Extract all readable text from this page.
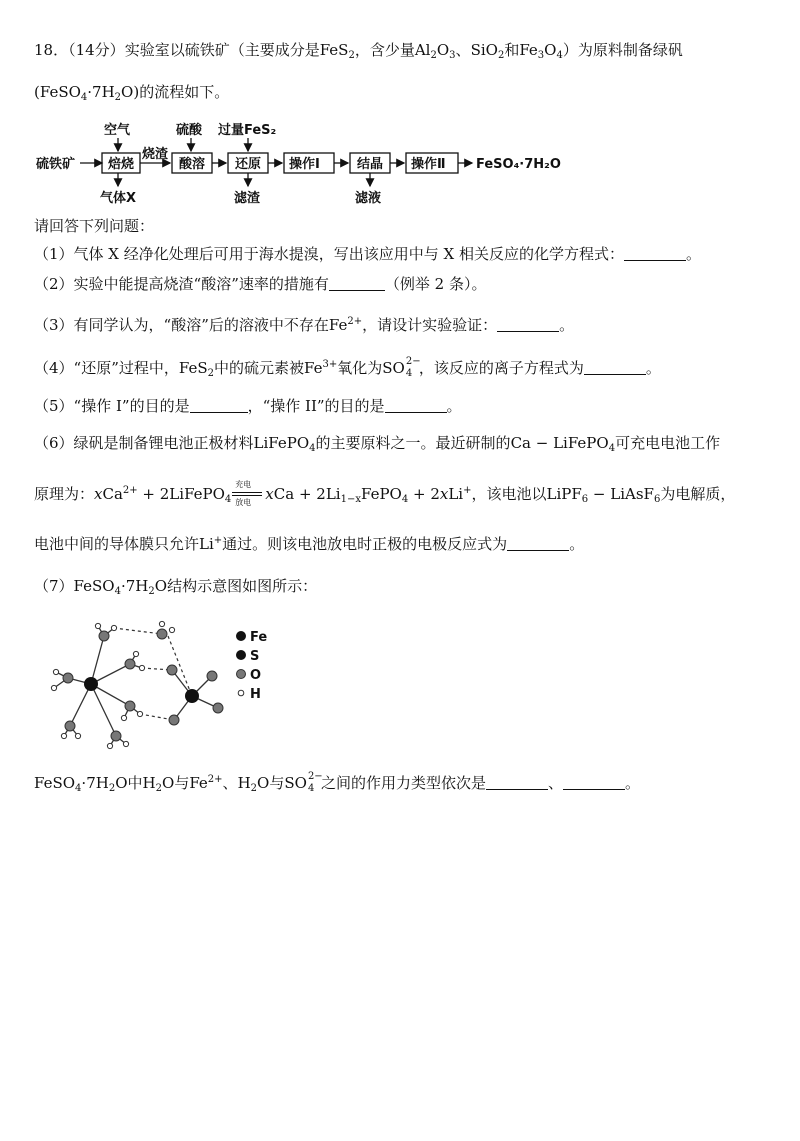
18．（14分）实验室以硫铁矿（主要成分是FeS$_2$，含少量$Al_2O_3$、SiO$_2$和$Fe_3O_4$）为原料制备绿矾
$(FeSO_4\cdot 7H_2O)$的流程如下。
硫铁矿
空气
焙烧
气体X
烧渣
硫酸
酸溶
过量FeS₂
还原
滤渣
操作Ⅰ	结晶
滤液
操作Ⅱ FeSO₄·7H₂O
请回答下列问题：
（1）气体 X 经净化处理后可用于海水提溴，写出该应用中与 X 相关反应的化学方程式：	。
（2）实验中能提高烧渣“酸溶”速率的措施有	（例举 2 条）。
（3）有同学认为，“酸溶”后的溶液中不存在$Fe^{2+}$，请设计实验验证：	。
（4）“还原”过程中，FeS$_2$中的硫元素被$Fe^{3+}$氧化为SO 2−
4 ，该反应的离子方程式为	。
（5）“操作 I”的目的是	，“操作 II”的目的是	。
（6）绿矾是制备锂电池正极材料LiFePO$_4$的主要原料之一。最近研制的Ca − LiFePO$_4$可充电电池工作
原理为：xCa$^{2+}$ + 2LiFePO$_4$
充电
放电 xCa + $2Li_{1-x}FePO_4 + 2xLi^+$，该电池以LiPF$_6$ − LiAsF$_6$为电解质，
电池中间的导体膜只允许Li+通过。则该电池放电时正极的电极反应式为	。
$(7)FeSO_4\cdot 7H_2O$结构示意图如图所示：
Fe
S
O
H
$FeSO_4\cdot 7H_2O$中$H_2O$与$Fe^{2+}$、$H_2O$与SO 2−
4 之间的作用力类型依次是	、	。
